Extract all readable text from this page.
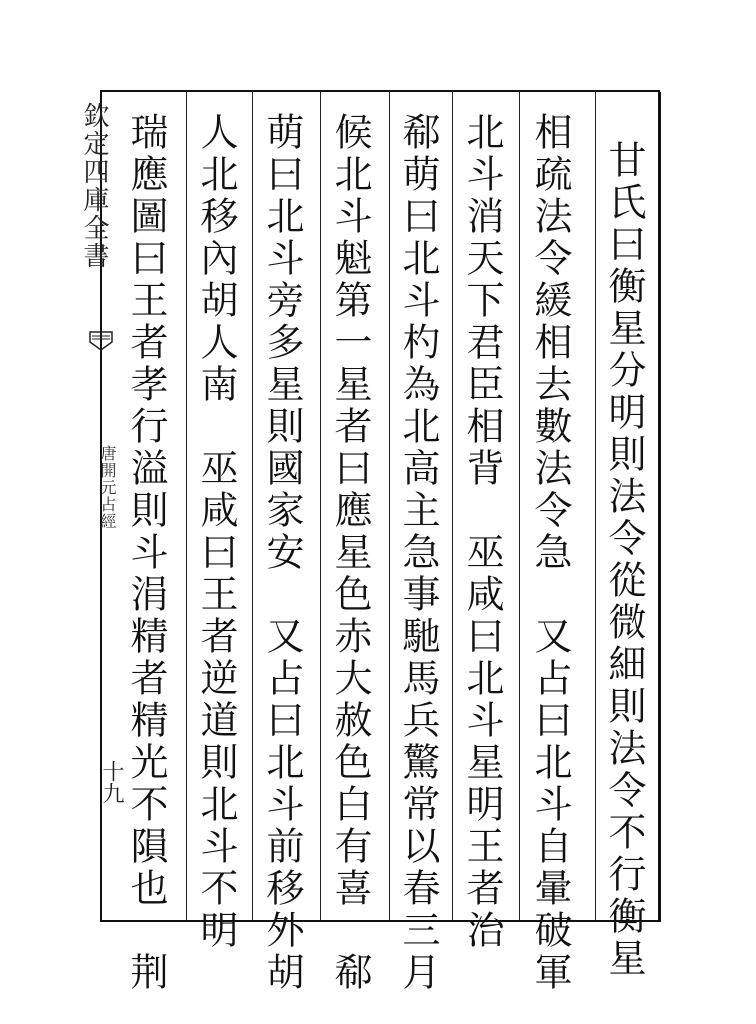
欽定四庫全書
唐開元占經
十九	甘氏曰衡星分明則法令從微細則法令不行衡星
相疏法令緩相去數法令急　又占曰北斗自暈破軍
北斗消天下君臣相背　巫咸曰北斗星明王者治
郗萌曰北斗杓為北高主急事馳馬兵驚常以春三月
候北斗魁第一星者曰應星色赤大赦色白有喜　郗
萌曰北斗旁多星則國家安　又占曰北斗前移外胡
人北移內胡人南　巫咸曰王者逆道則北斗不明
瑞應圖曰王者孝行溢則斗涓精者精光不隕也　荆
